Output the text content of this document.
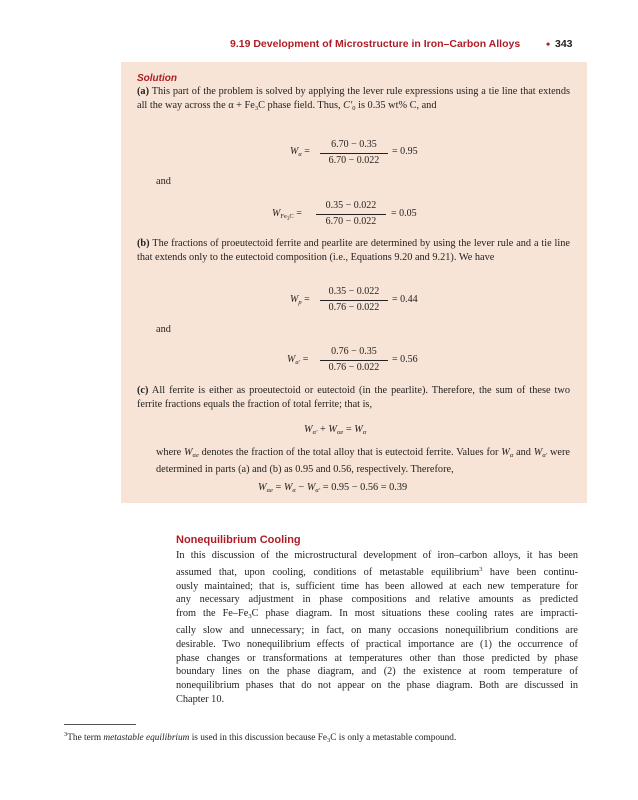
9.19 Development of Microstructure in Iron–Carbon Alloys • 343
Solution
(a) This part of the problem is solved by applying the lever rule expressions using a tie line that extends all the way across the $\alpha + Fe_3C$ phase field. Thus, $C'_0$ is 0.35 wt% C, and
$W_\alpha$ =
6.70 − 0.35
6.70 − 0.022
= 0.95
and
$W_{Fe_3C}$ =
0.35 − 0.022
6.70 − 0.022
= 0.05
(b) The fractions of proeutectoid ferrite and pearlite are determined by using the lever rule and a tie line that extends only to the eutectoid composition (i.e., Equations 9.20 and 9.21). We have
$W_p$ =
0.35 − 0.022
0.76 − 0.022
= 0.44
and
$W_{\alpha'}$ =
0.76 − 0.35
0.76 − 0.022
= 0.56
(c) All ferrite is either as proeutectoid or eutectoid (in the pearlite). Therefore, the sum of these two ferrite fractions equals the fraction of total ferrite; that is,
$W_{\alpha'} + W_{\alpha e} = W_\alpha$
where $W_{\alpha e}$ denotes the fraction of the total alloy that is eutectoid ferrite. Values for $W_\alpha$ and $W_{\alpha'}$ were determined in parts (a) and (b) as 0.95 and 0.56, respectively. Therefore,
$W_{\alpha e} = W_\alpha - W_{\alpha'} = 0.95 - 0.56 = 0.39$
Nonequilibrium Cooling
In this discussion of the microstructural development of iron–carbon alloys, it has been
assumed that, upon cooling, conditions of metastable equilibrium$^3$ have been continu-
ously maintained; that is, sufficient time has been allowed at each new temperature for
any necessary adjustment in phase compositions and relative amounts as predicted
from the $Fe-Fe_3C$ phase diagram. In most situations these cooling rates are impracti-
cally slow and unnecessary; in fact, on many occasions nonequilibrium conditions are
desirable. Two nonequilibrium effects of practical importance are (1) the occurrence of
phase changes or transformations at temperatures other than those predicted by phase
boundary lines on the phase diagram, and (2) the existence at room temperature of
nonequilibrium phases that do not appear on the phase diagram. Both are discussed in
Chapter 10.
$^3$The term metastable equilibrium is used in this discussion because $Fe_3C$ is only a metastable compound.
